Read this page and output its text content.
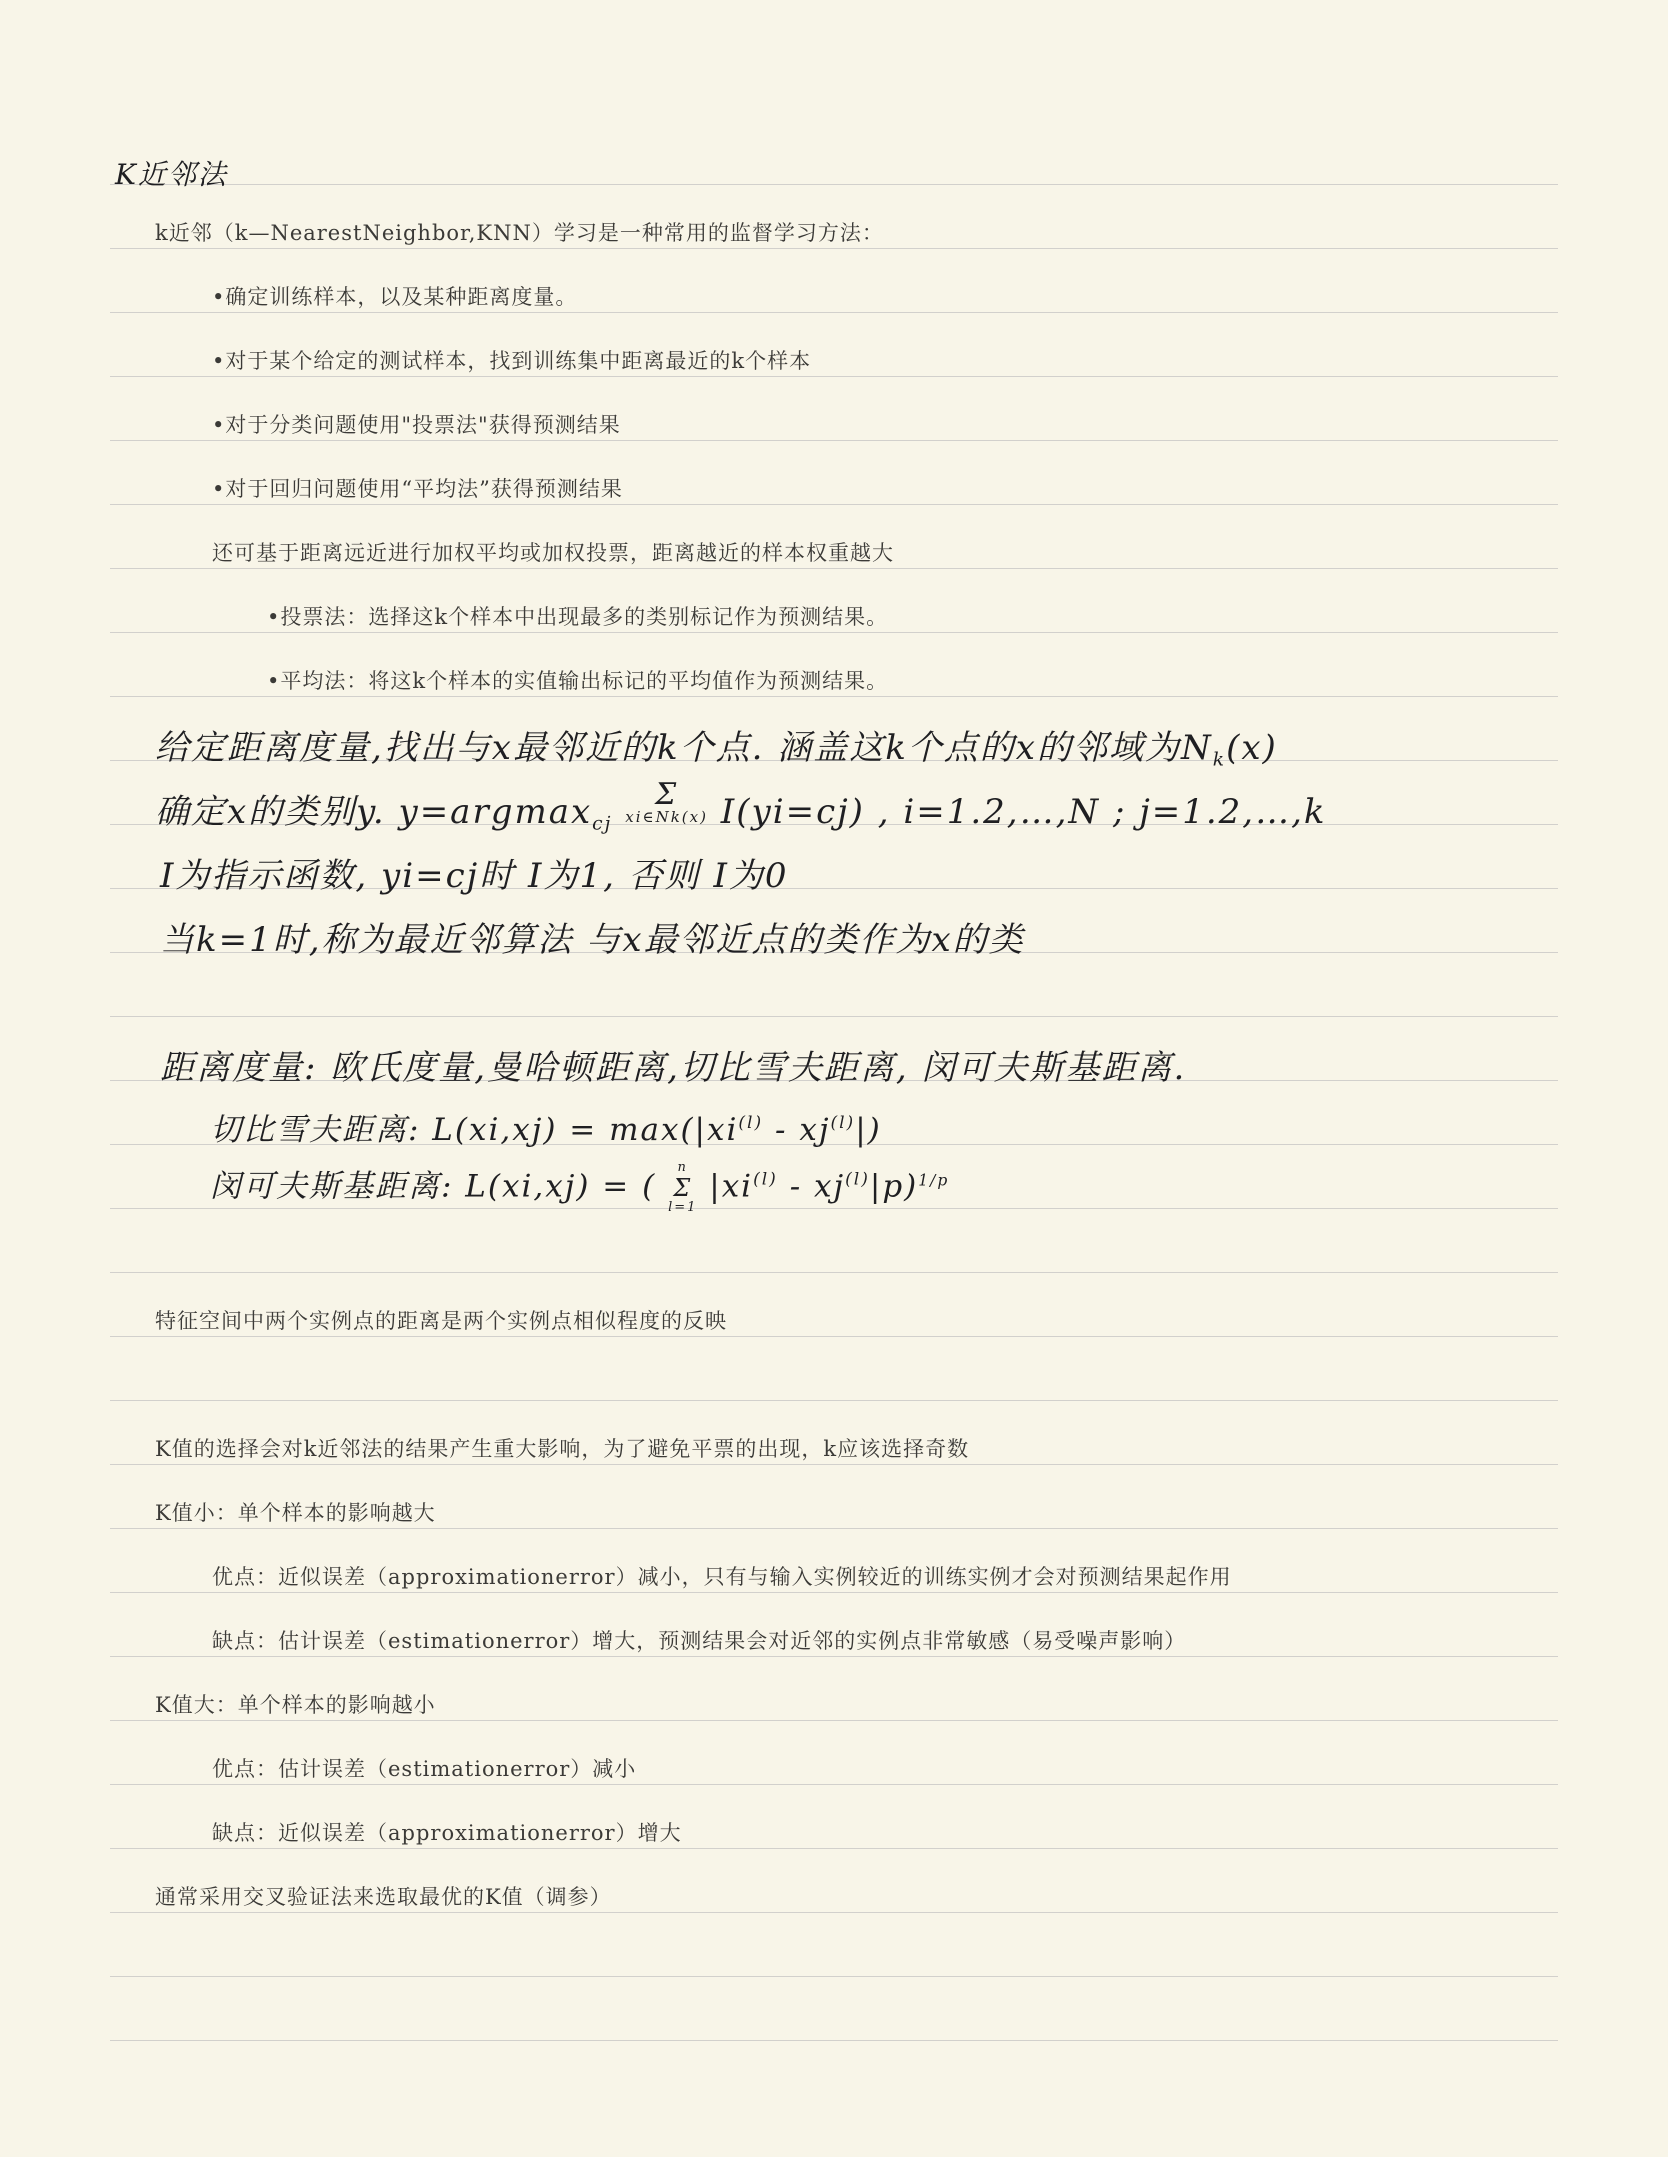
K近邻法
k近邻（k—NearestNeighbor,KNN）学习是一种常用的监督学习方法：
•确定训练样本，以及某种距离度量。
•对于某个给定的测试样本，找到训练集中距离最近的k个样本
•对于分类问题使用"投票法"获得预测结果
•对于回归问题使用“平均法”获得预测结果
还可基于距离远近进行加权平均或加权投票，距离越近的样本权重越大
•投票法：选择这k个样本中出现最多的类别标记作为预测结果。
•平均法：将这k个样本的实值输出标记的平均值作为预测结果。
给定距离度量,找出与x最邻近的k个点. 涵盖这k个点的x的邻域为$N_k(x)$
确定x的类别y. y=argmax$_{cj}$
Σ
xi∈Nk(x) I(yi=cj) , i=1.2,…,N ; j=1.2,…,k
I为指示函数, yi=cj时 I为1, 否则 I为0
当k=1时,称为最近邻算法 与x最邻近点的类作为x的类
距离度量: 欧氏度量,曼哈顿距离,切比雪夫距离, 闵可夫斯基距离.
切比雪夫距离: $L(xi,xj) = \max(|xi^{(l)} - xj^{(l)}|)$
闵可夫斯基距离: L(xi,xj) = (
n
Σ
l=1
$|xi^{(l)} - xj^{(l)}|p)^{1/p}$
特征空间中两个实例点的距离是两个实例点相似程度的反映
K值的选择会对k近邻法的结果产生重大影响，为了避免平票的出现，k应该选择奇数
K值小：单个样本的影响越大
优点：近似误差（approximationerror）减小，只有与输入实例较近的训练实例才会对预测结果起作用
缺点：估计误差（estimationerror）增大，预测结果会对近邻的实例点非常敏感（易受噪声影响）
K值大：单个样本的影响越小
优点：估计误差（estimationerror）减小
缺点：近似误差（approximationerror）增大
通常采用交叉验证法来选取最优的K值（调参）
